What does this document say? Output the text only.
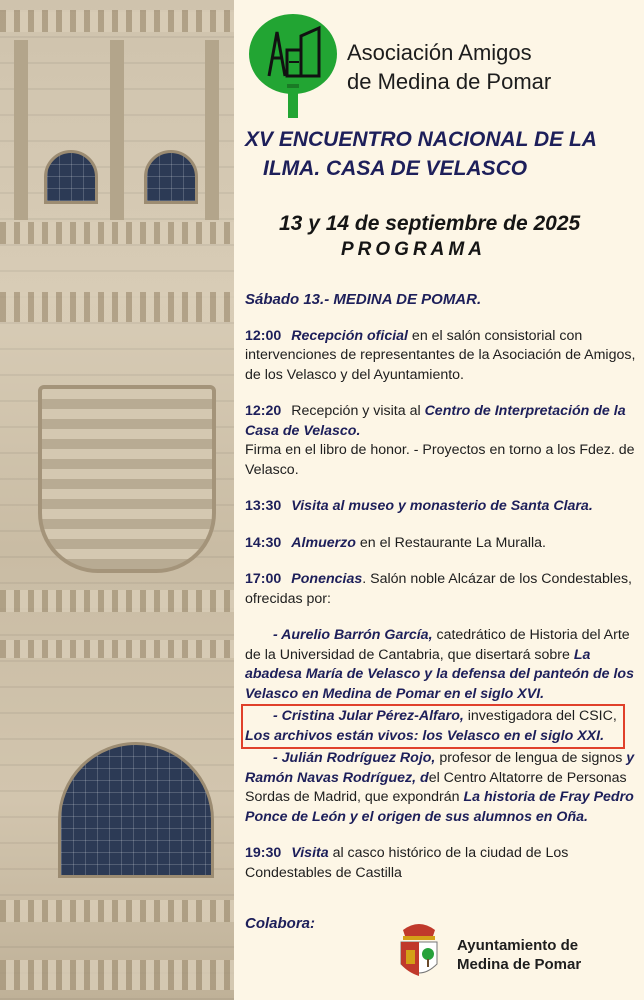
Asociación Amigos
de Medina de Pomar
XV ENCUENTRO NACIONAL DE LA
ILMA. CASA DE VELASCO
13 y 14 de septiembre de 2025
PROGRAMA

Sábado 13.- MEDINA DE POMAR.

12:00 Recepción oficial en el salón consistorial con intervenciones de representantes de la Asociación de Amigos, de los Velasco y del Ayuntamiento.

12:20 Recepción y visita al Centro de Interpretación de la Casa de Velasco.
Firma en el libro de honor. - Proyectos en torno a los Fdez. de Velasco.

13:30 Visita al museo y monasterio de Santa Clara.

14:30 Almuerzo en el Restaurante La Muralla.

17:00 Ponencias. Salón noble Alcázar de los Condestables, ofrecidas por:

- Aurelio Barrón García, catedrático de Historia del Arte de la Universidad de Cantabria, que disertará sobre La abadesa María de Velasco y la defensa del panteón de los Velasco en Medina de Pomar en el siglo XVI.

- Cristina Jular Pérez-Alfaro, investigadora del CSIC, Los archivos están vivos: los Velasco en el siglo XXI.

- Julián Rodríguez Rojo, profesor de lengua de signos y Ramón Navas Rodríguez, del Centro Altatorre de Personas Sordas de Madrid, que expondrán La historia de Fray Pedro Ponce de León y el origen de sus alumnos en Oña.

19:30 Visita al casco histórico de la ciudad de Los Condestables de Castilla

Colabora:
Ayuntamiento de
Medina de Pomar
